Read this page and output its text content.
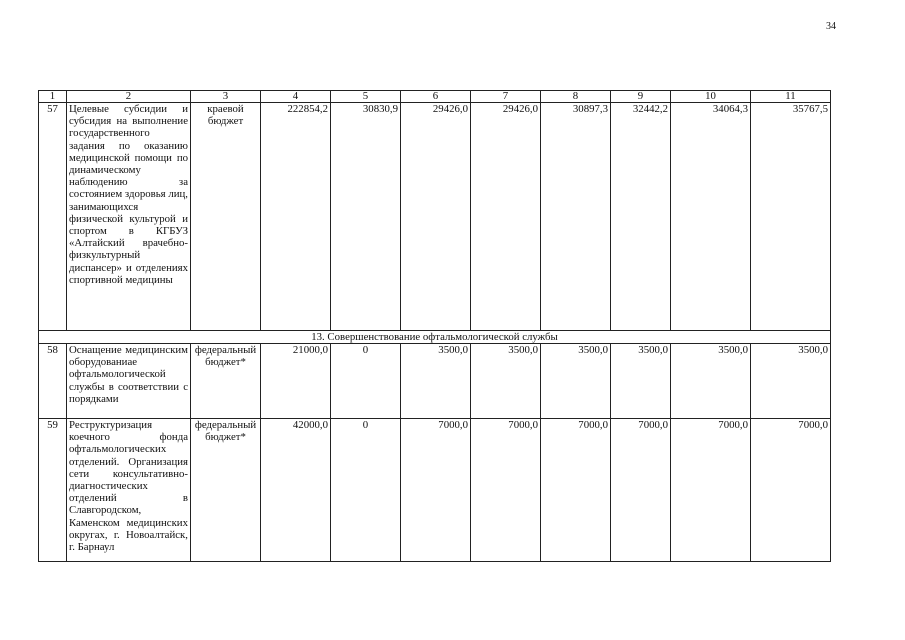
34
1	2	3	4	5	6	7	8	9	10	11
57	Целевые субсидии и субсидия на выполнение государственного задания по оказанию медицинской помощи по динамическому наблюдению за состоянием здоровья лиц, занимающихся физической культурой и спортом в КГБУЗ «Алтайский врачебно-физкультурный диспансер» и отделениях спортивной медицины	краевой бюджет	222854,2	30830,9	29426,0	29426,0	30897,3	32442,2	34064,3	35767,5
13. Совершенствование офтальмологической службы										
58	Оснащение медицинским оборудованиае офтальмологической службы в соответствии с порядками	федеральный бюджет*	21000,0	0	3500,0	3500,0	3500,0	3500,0	3500,0	3500,0
59	Реструктуризация коечного фонда офтальмологических отделений. Организация сети консультативно-диагностических отделений в Славгородском, Каменском медицинских округах, г. Новоалтайск, г. Барнаул	федеральный бюджет*	42000,0	0	7000,0	7000,0	7000,0	7000,0	7000,0	7000,0
